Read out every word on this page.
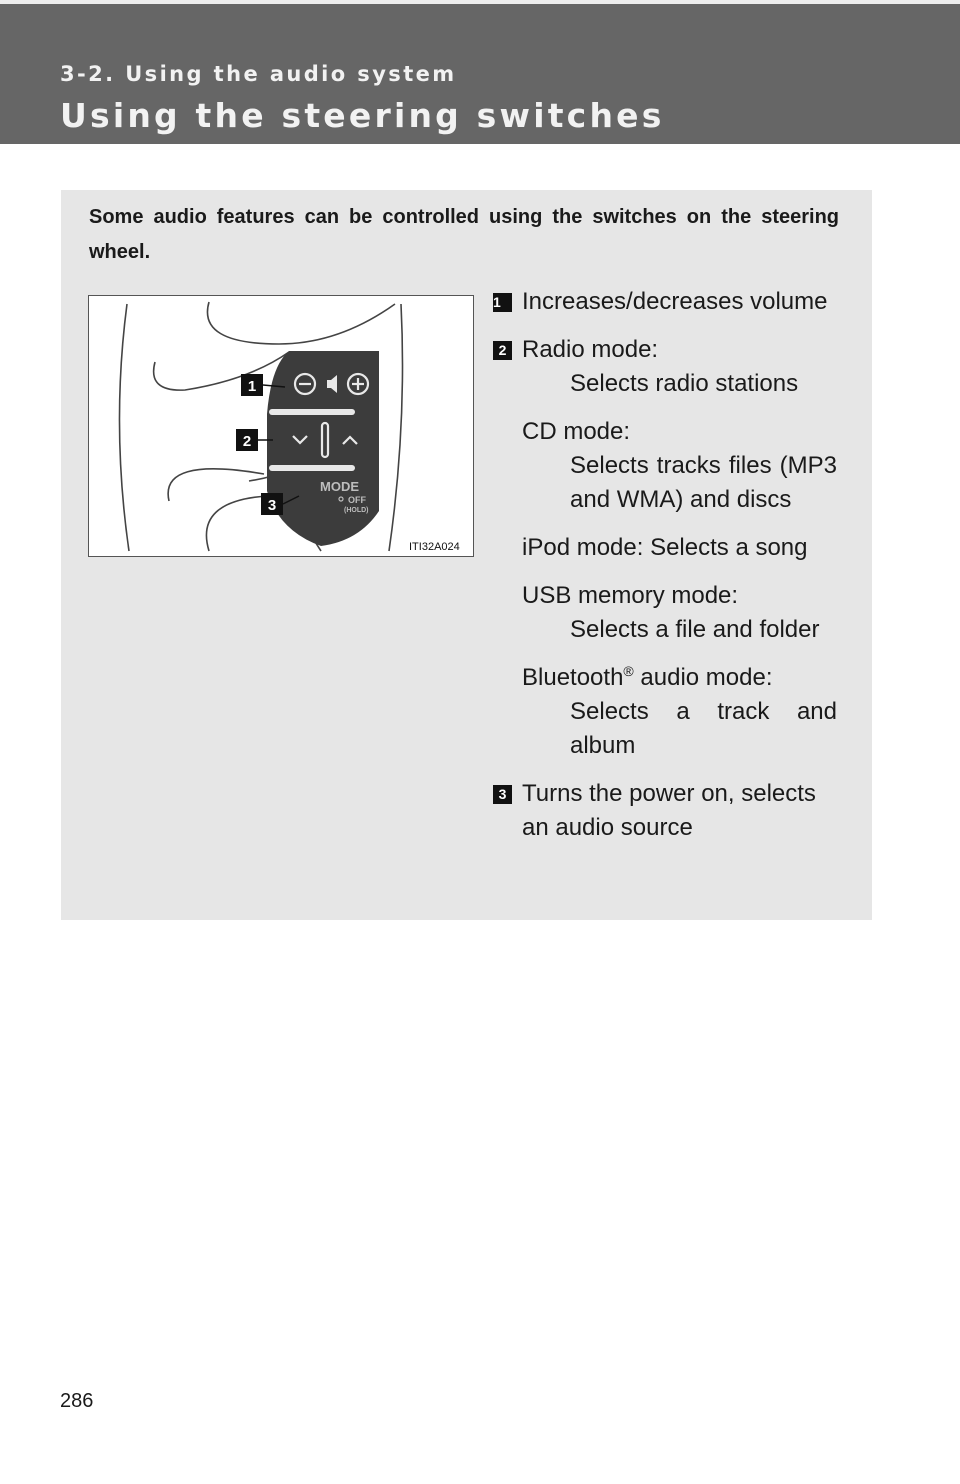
3-2. Using the audio system
Using the steering switches
Some audio features can be controlled using the switches on the steering wheel.
MODE
OFF
(HOLD)
1
2
3
ITI32A024
1 Increases/decreases volume
2 Radio mode:
Selects radio stations
CD mode:
Selects tracks files (MP3 and WMA) and discs
iPod mode: Selects a song
USB memory mode:
Selects a file and folder
Bluetooth® audio mode:
Selects a track and album
3 Turns the power on, selects an audio source
286
